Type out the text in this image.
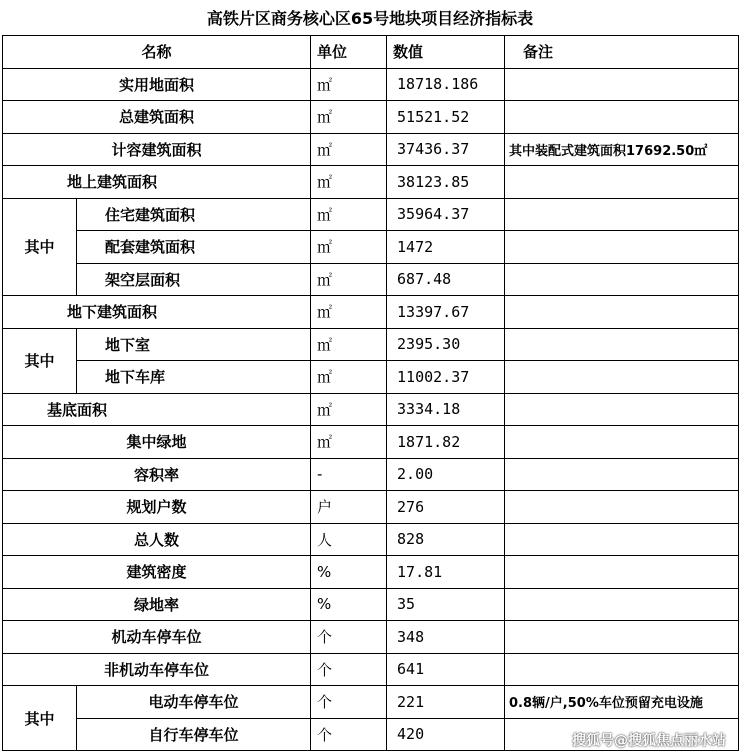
高铁片区商务核心区65号地块项目经济指标表
名称		单位	数值	备注
实用地面积		㎡	18718.186	
总建筑面积		㎡	51521.52	
计容建筑面积		㎡	37436.37	其中装配式建筑面积17692.50㎡
地上建筑面积		㎡	38123.85	
其中	住宅建筑面积	㎡	35964.37	
	配套建筑面积	㎡	1472	
	架空层面积	㎡	687.48	
地下建筑面积		㎡	13397.67	
其中	地下室	㎡	2395.30	
	地下车库	㎡	11002.37	
基底面积		㎡	3334.18	
集中绿地		㎡	1871.82	
容积率		-	2.00	
规划户数		户	276	
总人数		人	828	
建筑密度		%	17.81	
绿地率		%	35	
机动车停车位		个	348	
非机动车停车位		个	641	
其中	电动车停车位	个	221	0.8辆/户,50%车位预留充电设施
	自行车停车位	个	420		搜狐号@搜狐焦点丽水站
